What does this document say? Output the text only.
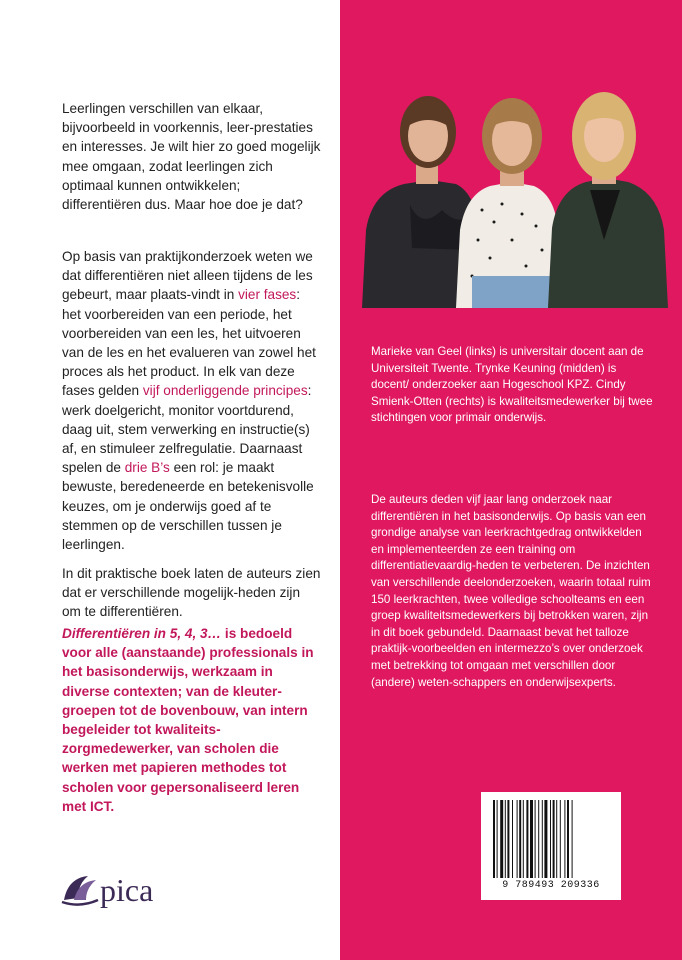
Leerlingen verschillen van elkaar, bijvoorbeeld in voorkennis, leer-prestaties en interesses. Je wilt hier zo goed mogelijk mee omgaan, zodat leerlingen zich optimaal kunnen ontwikkelen; differentiëren dus. Maar hoe doe je dat?

Op basis van praktijkonderzoek weten we dat differentiëren niet alleen tijdens de les gebeurt, maar plaats-vindt in vier fases: het voorbereiden van een periode, het voorbereiden van een les, het uitvoeren van de les en het evalueren van zowel het proces als het product. In elk van deze fases gelden vijf onderliggende principes: werk doelgericht, monitor voortdurend, daag uit, stem verwerking en instructie(s) af, en stimuleer zelfregulatie. Daarnaast spelen de drie B’s een rol: je maakt bewuste, beredeneerde en betekenisvolle keuzes, om je onderwijs goed af te stemmen op de verschillen tussen je leerlingen.

In dit praktische boek laten de auteurs zien dat er verschillende mogelijk-heden zijn om te differentiëren.

Differentiëren in 5, 4, 3… is bedoeld voor alle (aanstaande) professionals in het basisonderwijs, werkzaam in diverse contexten; van de kleuter-groepen tot de bovenbouw, van intern begeleider tot kwaliteits-zorgmedewerker, van scholen die werken met papieren methodes tot scholen voor gepersonaliseerd leren met ICT.

Marieke van Geel (links) is universitair docent aan de Universiteit Twente. Trynke Keuning (midden) is docent/ onderzoeker aan Hogeschool KPZ. Cindy Smienk-Otten (rechts) is kwaliteitsmedewerker bij twee stichtingen voor primair onderwijs.

De auteurs deden vijf jaar lang onderzoek naar differentiëren in het basisonderwijs. Op basis van een grondige analyse van leerkrachtgedrag ontwikkelden en implementeerden ze een training om differentiatievaardig-heden te verbeteren. De inzichten van verschillende deelonderzoeken, waarin totaal ruim 150 leerkrachten, twee volledige schoolteams en een groep kwaliteitsmedewerkers bij betrokken waren, zijn in dit boek gebundeld. Daarnaast bevat het talloze praktijk-voorbeelden en intermezzo’s over onderzoek met betrekking tot omgaan met verschillen door (andere) weten-schappers en onderwijsexperts.

9 789493 209336
pica
